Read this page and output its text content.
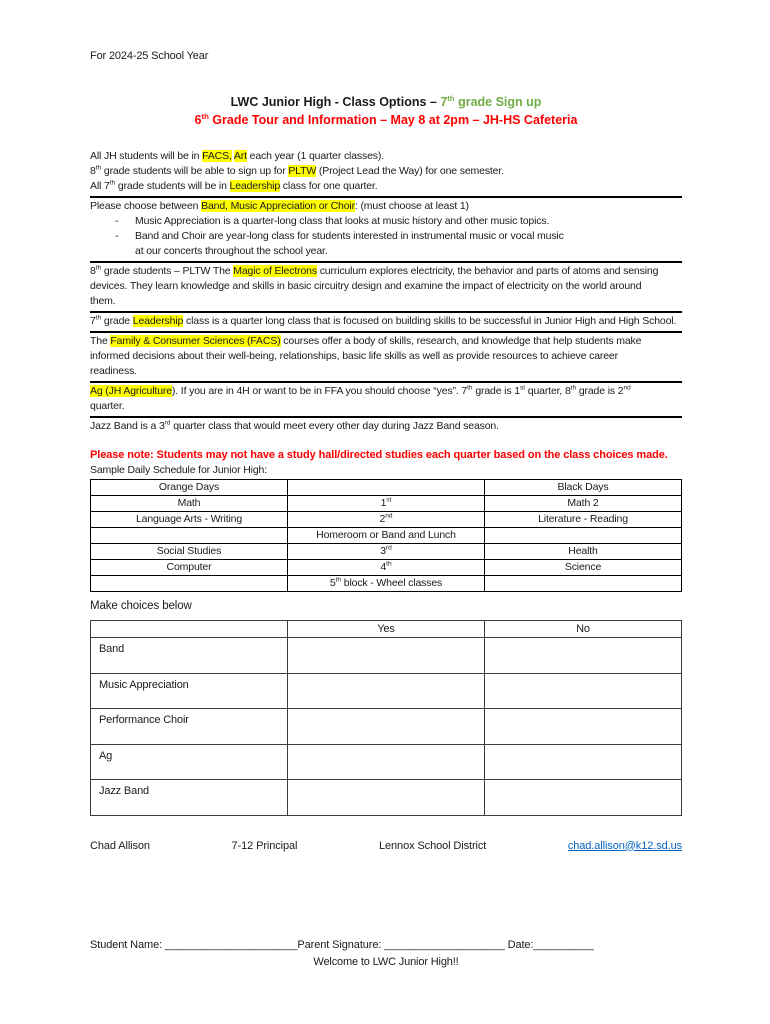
For 2024-25 School Year
LWC Junior High - Class Options – 7th grade Sign up
6th Grade Tour and Information – May 8 at 2pm – JH-HS Cafeteria
All JH students will be in FACS, Art each year (1 quarter classes).
8th grade students will be able to sign up for PLTW (Project Lead the Way) for one semester.
All 7th grade students will be in Leadership class for one quarter.
Please choose between Band, Music Appreciation or Choir: (must choose at least 1)
- Music Appreciation is a quarter-long class that looks at music history and other music topics.
- Band and Choir are year-long class for students interested in instrumental music or vocal music
at our concerts throughout the school year.
8th grade students – PLTW The Magic of Electrons curriculum explores electricity, the behavior and parts of atoms and sensing
devices. They learn knowledge and skills in basic circuitry design and examine the impact of electricity on the world around
them.
7th grade Leadership class is a quarter long class that is focused on building skills to be successful in Junior High and High School.
The Family & Consumer Sciences (FACS) courses offer a body of skills, research, and knowledge that help students make
informed decisions about their well-being, relationships, basic life skills as well as provide resources to achieve career
readiness.
Ag (JH Agriculture). If you are in 4H or want to be in FFA you should choose “yes”. 7th grade is 1st quarter, 8th grade is 2nd
quarter.
Jazz Band is a 3rd quarter class that would meet every other day during Jazz Band season.
Please note: Students may not have a study hall/directed studies each quarter based on the class choices made.
Sample Daily Schedule for Junior High:
Orange Days		Black Days
Math	1st	Math 2
Language Arts - Writing	2nd	Literature - Reading
	Homeroom or Band and Lunch	
Social Studies	3rd	Health
Computer	4th	Science
	5th block - Wheel classes	
Make choices below
	Yes	No
Band		
Music Appreciation		
Performance Choir		
Ag		
Jazz Band		
Chad Allison	7-12 Principal	Lennox School District	chad.allison@k12.sd.us
Student Name: ______________________Parent Signature: ____________________ Date:__________
Welcome to LWC Junior High!!
